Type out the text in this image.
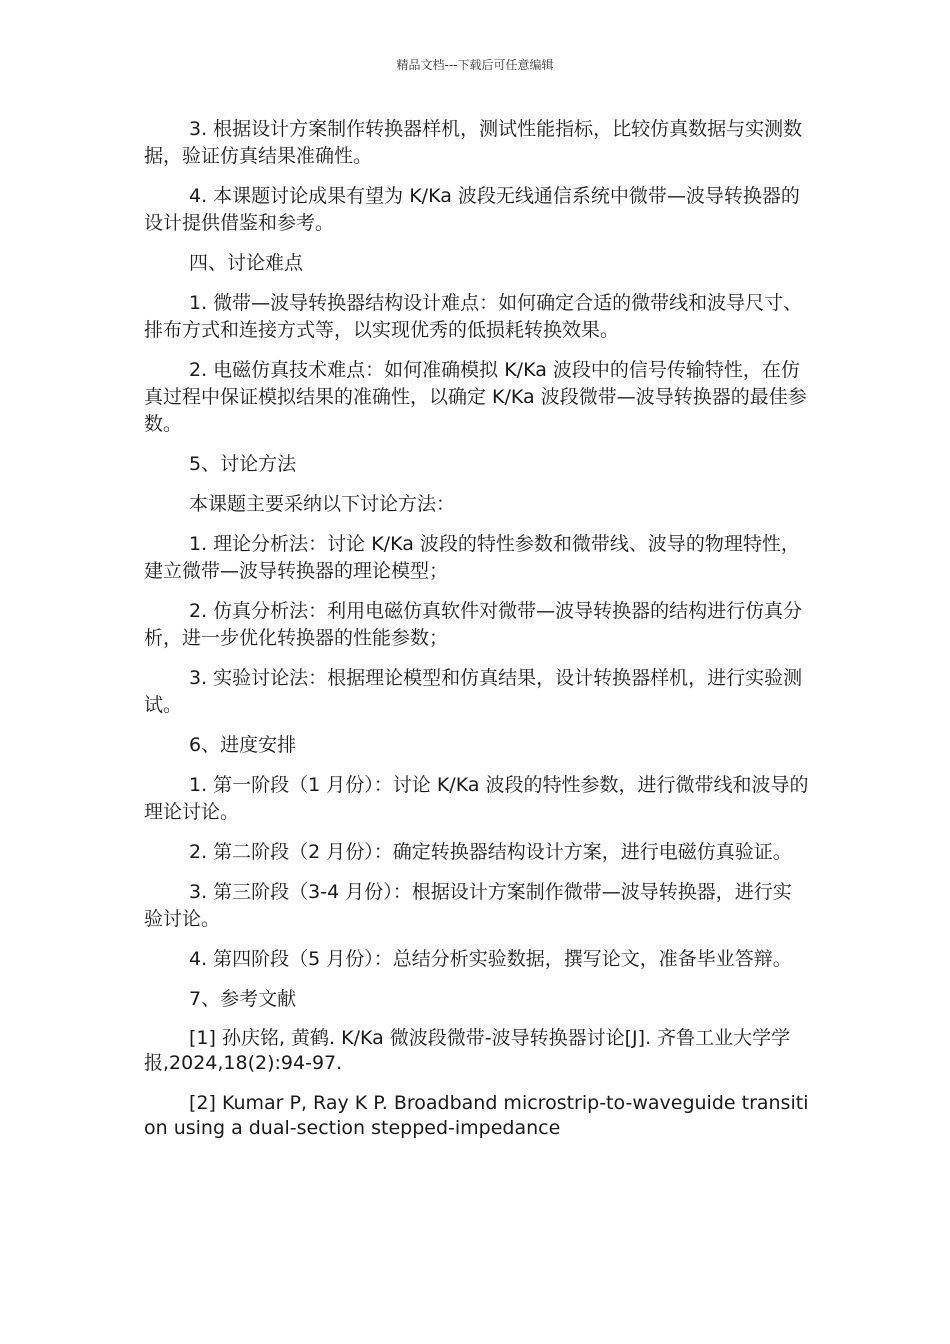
精品文档---下载后可任意编辑

3. 根据设计方案制作转换器样机，测试性能指标，比较仿真数据与实测数据，验证仿真结果准确性。

4. 本课题讨论成果有望为 K/Ka 波段无线通信系统中微带—波导转换器的设计提供借鉴和参考。

四、讨论难点

1. 微带—波导转换器结构设计难点：如何确定合适的微带线和波导尺寸、排布方式和连接方式等，以实现优秀的低损耗转换效果。

2. 电磁仿真技术难点：如何准确模拟 K/Ka 波段中的信号传输特性，在仿真过程中保证模拟结果的准确性，以确定 K/Ka 波段微带—波导转换器的最佳参数。

5、讨论方法

本课题主要采纳以下讨论方法：

1. 理论分析法：讨论 K/Ka 波段的特性参数和微带线、波导的物理特性，建立微带—波导转换器的理论模型；

2. 仿真分析法：利用电磁仿真软件对微带—波导转换器的结构进行仿真分析，进一步优化转换器的性能参数；

3. 实验讨论法：根据理论模型和仿真结果，设计转换器样机，进行实验测试。

6、进度安排

1. 第一阶段（1 月份）：讨论 K/Ka 波段的特性参数，进行微带线和波导的理论讨论。

2. 第二阶段（2 月份）：确定转换器结构设计方案，进行电磁仿真验证。

3. 第三阶段（3-4 月份）：根据设计方案制作微带—波导转换器，进行实验讨论。

4. 第四阶段（5 月份）：总结分析实验数据，撰写论文，准备毕业答辩。

7、参考文献

[1] 孙庆铭, 黄鹤. K/Ka 微波段微带-波导转换器讨论[J]. 齐鲁工业大学学报,2024,18(2):94-97.

[2] Kumar P, Ray K P. Broadband microstrip-to-waveguide transition using a dual-section stepped-impedance
